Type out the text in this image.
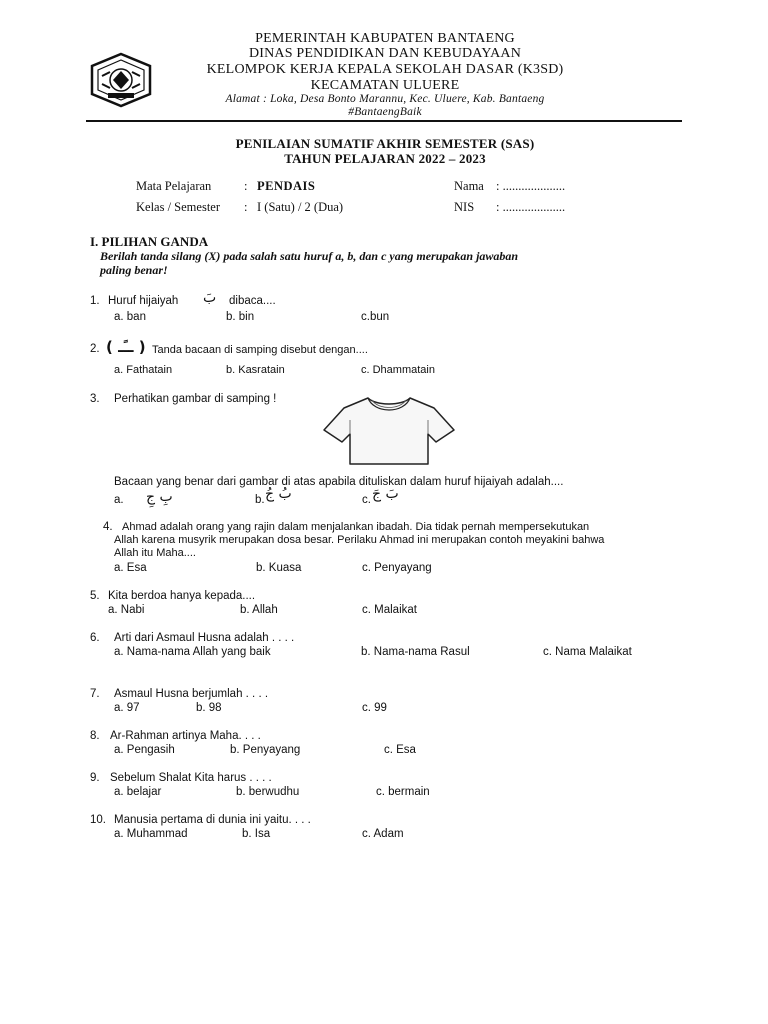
PEMERINTAH KABUPATEN BANTAENG
DINAS PENDIDIKAN DAN KEBUDAYAAN
KELOMPOK KERJA KEPALA SEKOLAH DASAR (K3SD)
KECAMATAN ULUERE
Alamat : Loka, Desa Bonto Marannu, Kec. Uluere, Kab. Bantaeng
#BantaengBaik
PENILAIAN SUMATIF AKHIR SEMESTER (SAS)
TAHUN PELAJARAN 2022 – 2023
Mata Pelajaran	: PENDAIS	Nama : ....................
Kelas / Semester : I (Satu) / 2 (Dua)	NIS : ....................
I. PILIHAN GANDA
Berilah tanda silang (X) pada salah satu huruf a, b, dan c yang merupakan jawaban
paling benar!
1. Huruf hijaiyah بَ dibaca....
a. ban	b. bin	c.bun
2. ( ــًـ ) Tanda bacaan di samping disebut dengan....
a. Fathatain	b. Kasratain	c. Dhammatain
3. Perhatikan gambar di samping !
Bacaan yang benar dari gambar di atas apabila dituliskan dalam huruf hijaiyah adalah....
a. بِ جِ	b. بُ جُ	c. بَ جَ
4. Ahmad adalah orang yang rajin dalam menjalankan ibadah. Dia tidak pernah mempersekutukan
Allah karena musyrik merupakan dosa besar. Perilaku Ahmad ini merupakan contoh meyakini bahwa
Allah itu Maha....
a. Esa	b. Kuasa	c. Penyayang
5. Kita berdoa hanya kepada....
a. Nabi	b. Allah	c. Malaikat
6. Arti dari Asmaul Husna adalah . . . .
a. Nama-nama Allah yang baik	b. Nama-nama Rasul	c. Nama Malaikat
7. Asmaul Husna berjumlah . . . .
a. 97	b. 98	c. 99
8. Ar-Rahman artinya Maha. . . .
a. Pengasih	b. Penyayang	c. Esa
9. Sebelum Shalat Kita harus . . . .
a. belajar	b. berwudhu	c. bermain
10. Manusia pertama di dunia ini yaitu. . . .
a. Muhammad	b. Isa	c. Adam
